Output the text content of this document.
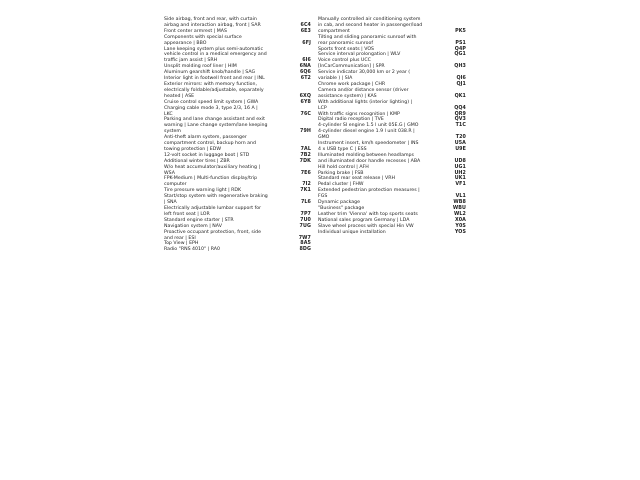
Side airbag, front and rear, with curtain
airbag and interaction airbag, front | SAR	6C4
Front center armrest | MAS	6E3
Components with special surface
appearance | BBO	6FJ
Lane keeping system plus semi-automatic
vehicle control in a medical emergency and
traffic jam assist | SRH	6I6
Unsplit molding roof liner | HIM	6NA
Aluminum gearshift knob/handle | SAG	6Q6
Interior light in footwell front and rear | INL	6T2
Exterior mirrors: with memory function,
electrically foldable/adjustable, separately
heated | ASE	6XQ
Cruise control speed limit system | GWA	6Y8
Charging cable mode 3, type 2/3, 16 A |
LKC	76C
Parking and lane change assistant and exit
warning | Lane change system/lane keeping
system	79H
Anti-theft alarm system, passenger
compartment control, backup horn and
towing protection | EDW	7AL
12-volt socket in luggage boot | STD	7B2
Additional winter tires | ZBR	7DK
W/o heat accumulator/auxiliary heating |
WSA	7E6
FPK-Medium | Multi-function display/trip
computer	7I2
Tire pressure warning light | RDK	7K1
Start/stop system with regenerative braking
| SNA	7L6
Electrically adjustable lumbar support for
left front seat | LOR	7P7
Standard engine starter | STR	7U0
Navigation system | NAV	7UG
Proactive occupant protection, front, side
and rear | ESI	7W7
Top View | EPH	8A5
Radio "RNS 4010" | RA0	8DG
Manually controlled air conditioning system
in cab, and second heater in passenger/load
compartment	PK5
Tilting and sliding panoramic sunroof with
rear panoramic sunroof	PS1
Sports front seats | VOS	Q4P
Service interval prolongation | WLV	QG1
Voice control plus UCC
[InCarCommunication] | SPR	QH3
Service indicator 30,000 km or 2 year (
variable ) | SIA	QI6
Chrome work package | CHR	QJ1
Camera and/or distance sensor (driver
assistance system) | KAS	QK1
With additional lights (interior lighting) |
LCP	QQ4
With traffic signs recognition | KMP	QR9
Digital radio reception | TVE	QV3
4-cylinder SI engine 1.5 l unit 05E.G | GMO	T1C
4-cylinder diesel engine 1.9 l unit 038.R |
GMO	T20
Instrument insert, km/h speedometer | INS	U5A
4 x USB type C | ESS	U9E
Illuminated molding between headlamps
and illuminated door handle recesses | ABA	UD8
Hill hold control | AFH	UG1
Parking brake | FSB	UH2
Standard rear seat release | VRH	UK1
Pedal cluster | FHW	VF1
Extended pedestrian protection measures |
FGS	VL1
Dynamic package	WB8
"Business" package	WBU
Leather trim 'Vienna' with top sports seats	WL2
National sales program Germany | LDA	X0A
Slave wheel process with special Hin VW	Y0S
Individual unique installation	YOS
